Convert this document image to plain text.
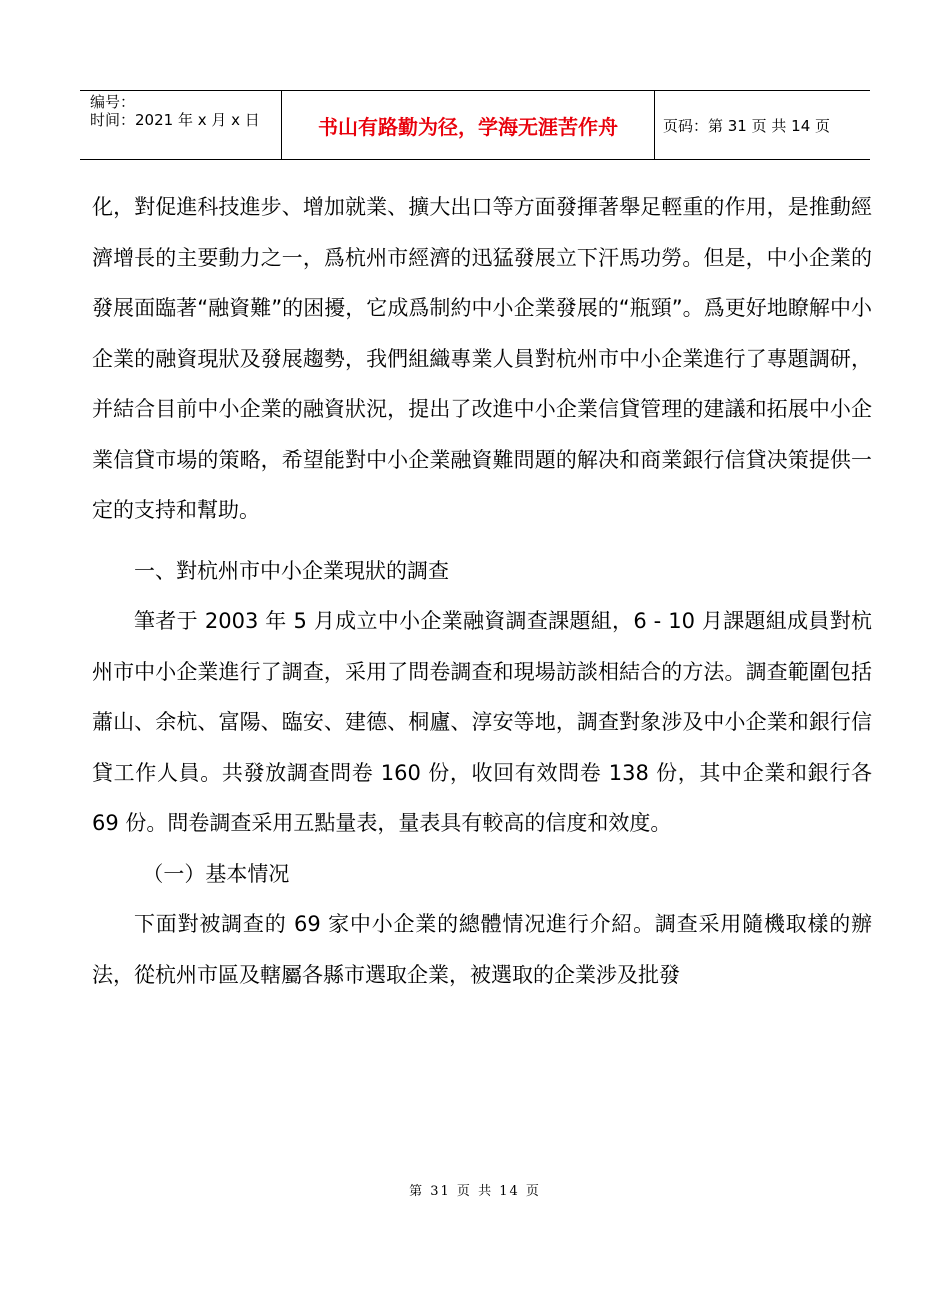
编号：
时间：2021 年 x 月 x 日	书山有路勤为径，学海无涯苦作舟	页码：第 31 页 共 14 页

化，對促進科技進步、增加就業、擴大出口等方面發揮著舉足輕重的作用，是推動經濟增長的主要動力之一，爲杭州市經濟的迅猛發展立下汗馬功勞。但是，中小企業的發展面臨著“融資難”的困擾，它成爲制約中小企業發展的“瓶頸”。爲更好地瞭解中小企業的融資現狀及發展趨勢，我們組織專業人員對杭州市中小企業進行了專題調研，并結合目前中小企業的融資狀況，提出了改進中小企業信貸管理的建議和拓展中小企業信貸市場的策略，希望能對中小企業融資難問題的解决和商業銀行信貸决策提供一定的支持和幫助。

一、對杭州市中小企業現狀的調查

筆者于 2003 年 5 月成立中小企業融資調查課題組，6 - 10 月課題組成員對杭州市中小企業進行了調查，采用了問卷調查和現場訪談相結合的方法。調查範圍包括蕭山、余杭、富陽、臨安、建德、桐廬、淳安等地，調查對象涉及中小企業和銀行信貸工作人員。共發放調查問卷 160 份，收回有效問卷 138 份，其中企業和銀行各 69 份。問卷調查采用五點量表，量表具有較高的信度和效度。

（一）基本情况

下面對被調查的 69 家中小企業的總體情况進行介紹。調查采用隨機取樣的辦法，從杭州市區及轄屬各縣市選取企業，被選取的企業涉及批發

第 31 页 共 14 页
